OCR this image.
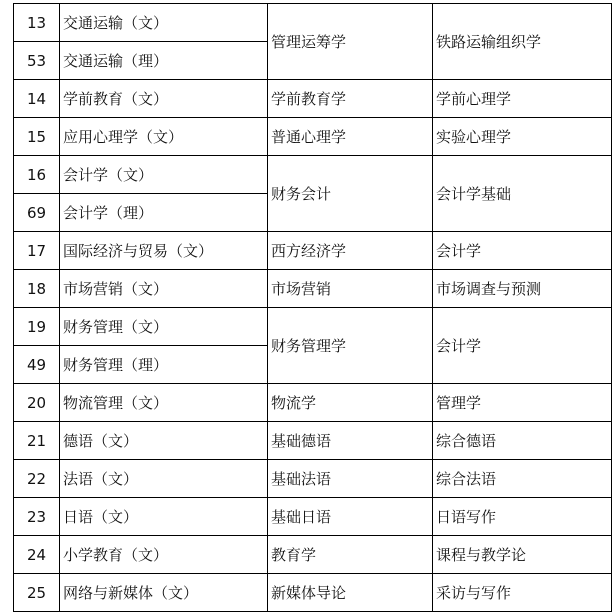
13	交通运输（文）	管理运筹学	铁路运输组织学
53	交通运输（理）		
14	学前教育（文）	学前教育学	学前心理学
15	应用心理学（文）	普通心理学	实验心理学
16	会计学（文）	财务会计	会计学基础
69	会计学（理）		
17	国际经济与贸易（文）	西方经济学	会计学
18	市场营销（文）	市场营销	市场调查与预测
19	财务管理（文）	财务管理学	会计学
49	财务管理（理）		
20	物流管理（文）	物流学	管理学
21	德语（文）	基础德语	综合德语
22	法语（文）	基础法语	综合法语
23	日语（文）	基础日语	日语写作
24	小学教育（文）	教育学	课程与教学论
25	网络与新媒体（文）	新媒体导论	采访与写作
